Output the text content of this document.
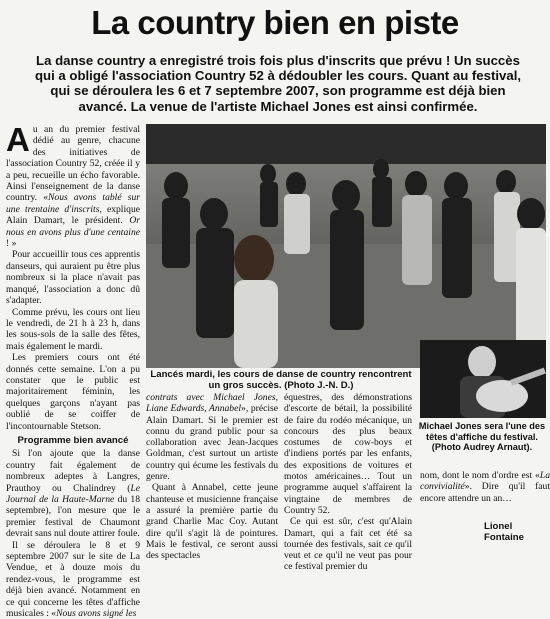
La country bien en piste
La danse country a enregistré trois fois plus d'inscrits que prévu ! Un succès qui a obligé l'association Country 52 à dédoubler les cours. Quant au festival, qui se déroulera les 6 et 7 septembre 2007, son programme est déjà bien avancé. La venue de l'artiste Michael Jones est ainsi confirmée.

Au an du premier festival dédié au genre, chacune des initiatives de l'association Country 52, créée il y a peu, recueille un écho favorable. Ainsi l'enseignement de la danse country. «Nous avons tablé sur une trentaine d'inscrits, explique Alain Damart, le président. Or nous en avons plus d'une centaine ! »

Pour accueillir tous ces apprentis danseurs, qui auraient pu être plus nombreux si la place n'avait pas manqué, l'association a donc dû s'adapter.

Comme prévu, les cours ont lieu le vendredi, de 21 h à 23 h, dans les sous-sols de la salle des fêtes, mais également le mardi.

Les premiers cours ont été donnés cette semaine. L'on a pu constater que le public est majoritairement féminin, les quelques garçons n'ayant pas oublié de se coiffer de l'incontournable Stetson.

Programme bien avancé

Si l'on ajoute que la danse country fait également de nombreux adeptes à Langres, Prauthoy ou Chalindrey (Le Journal de la Haute-Marne du 18 septembre), l'on mesure que le premier festival de Chaumont devrait sans nul doute attirer foule.

Il se déroulera le 8 et 9 septembre 2007 sur le site de La Vendue, et à douze mois du rendez-vous, le programme est déjà bien avancé. Notamment en ce qui concerne les têtes d'affiche musicales : «Nous avons signé les

Lancés mardi, les cours de danse de country rencontrent un gros succès. (Photo J.-N. D.)
Michael Jones sera l'une des têtes d'affiche du festival. (Photo Audrey Arnaut).

contrats avec Michael Jones, Liane Edwards, Annabel», précise Alain Damart. Si le premier est connu du grand public pour sa collaboration avec Jean-Jacques Goldman, c'est surtout un artiste country qui écume les festivals du genre.

Quant à Annabel, cette jeune chanteuse et musicienne française a assuré la première partie du grand Charlie Mac Coy. Autant dire qu'il s'agit là de pointures. Mais le festival, ce seront aussi des spectacles

équestres, des démonstrations d'escorte de bétail, la possibilité de faire du rodéo mécanique, un concours des plus beaux costumes de cow-boys et d'indiens portés par les enfants, des expositions de voitures et motos américaines… Tout un programme auquel s'affairent la vingtaine de membres de Country 52.

Ce qui est sûr, c'est qu'Alain Damart, qui a fait cet été sa tournée des festivals, sait ce qu'il veut et ce qu'il ne veut pas pour ce festival premier du

nom, dont le nom d'ordre est «La convivialité». Dire qu'il faut encore attendre un an…

Lionel Fontaine
